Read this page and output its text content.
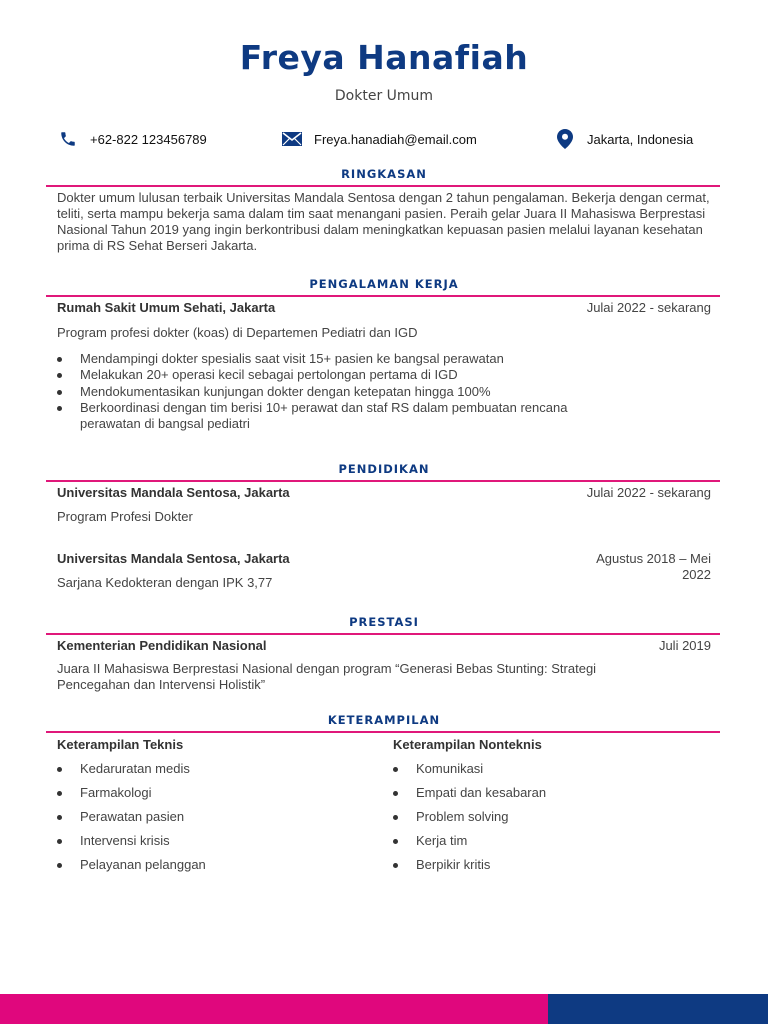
Freya Hanafiah
Dokter Umum
+62-822 123456789	Freya.hanadiah@email.com	Jakarta, Indonesia
RINGKASAN
Dokter umum lulusan terbaik Universitas Mandala Sentosa dengan 2 tahun pengalaman. Bekerja dengan cermat, teliti, serta mampu bekerja sama dalam tim saat menangani pasien. Peraih gelar Juara II Mahasiswa Berprestasi Nasional Tahun 2019 yang ingin berkontribusi dalam meningkatkan kepuasan pasien melalui layanan kesehatan prima di RS Sehat Berseri Jakarta.
PENGALAMAN KERJA
Rumah Sakit Umum Sehati, Jakarta	Julai 2022 - sekarang
Program profesi dokter (koas) di Departemen Pediatri dan IGD
Mendampingi dokter spesialis saat visit 15+ pasien ke bangsal perawatan
Melakukan 20+ operasi kecil sebagai pertolongan pertama di IGD
Mendokumentasikan kunjungan dokter dengan ketepatan hingga 100%
Berkoordinasi dengan tim berisi 10+ perawat dan staf RS dalam pembuatan rencana perawatan di bangsal pediatri
PENDIDIKAN
Universitas Mandala Sentosa, Jakarta	Julai 2022 - sekarang
Program Profesi Dokter
Universitas Mandala Sentosa, Jakarta	Agustus 2018 – Mei 2022
Sarjana Kedokteran dengan IPK 3,77
PRESTASI
Kementerian Pendidikan Nasional	Juli 2019
Juara II Mahasiswa Berprestasi Nasional dengan program “Generasi Bebas Stunting: Strategi Pencegahan dan Intervensi Holistik”
KETERAMPILAN
Keterampilan Teknis	Keterampilan Nonteknis
Kedaruratan medis
Farmakologi
Perawatan pasien
Intervensi krisis
Pelayanan pelanggan
Komunikasi
Empati dan kesabaran
Problem solving
Kerja tim
Berpikir kritis
